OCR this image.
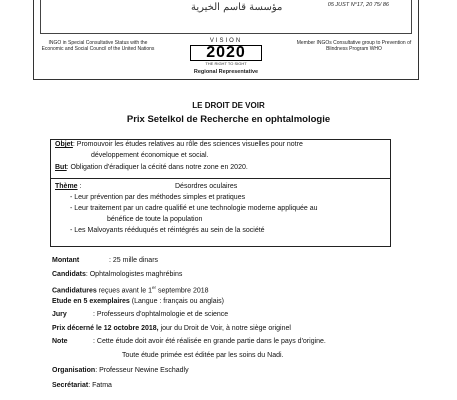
مؤسسة قاسم الخيرية	05 JUST N°17, 20 75/ 86
INGO in Special Consultative Status with the Economic and Social Council of the United Nations
VISION
2020
THE RIGHT TO SIGHT
Regional Representative
Member INGOs Consultative group to Prevention of Blindness Program WHO
LE DROIT DE VOIR
Prix Setelkol de Recherche en ophtalmologie
Objet: Promouvoir les études relatives au rôle des sciences visuelles pour notre
développement économique et social.
But: Obligation d'éradiquer la cécité dans notre zone en 2020.
Thème :	Désordres oculaires
- Leur prévention par des méthodes simples et pratiques
- Leur traitement par un cadre qualifié et une technologie moderne appliquée au
bénéfice de toute la population
- Les Malvoyants rééduqués et réintégrés au sein de la société
Montant	: 25 mille dinars
Candidats: Ophtalmologistes maghrébins
Candidatures reçues avant le 1er septembre 2018
Etude en 5 exemplaires (Langue : français ou anglais)
Jury	: Professeurs d'ophtalmologie et de science
Prix décerné le 12 octobre 2018, jour du Droit de Voir, à notre siège originel
Note	: Cette étude doit avoir été réalisée en grande partie dans le pays d'origine.
Toute étude primée est éditée par les soins du Nadi.
Organisation: Professeur Newine Eschadly
Secrétariat: Fatma
